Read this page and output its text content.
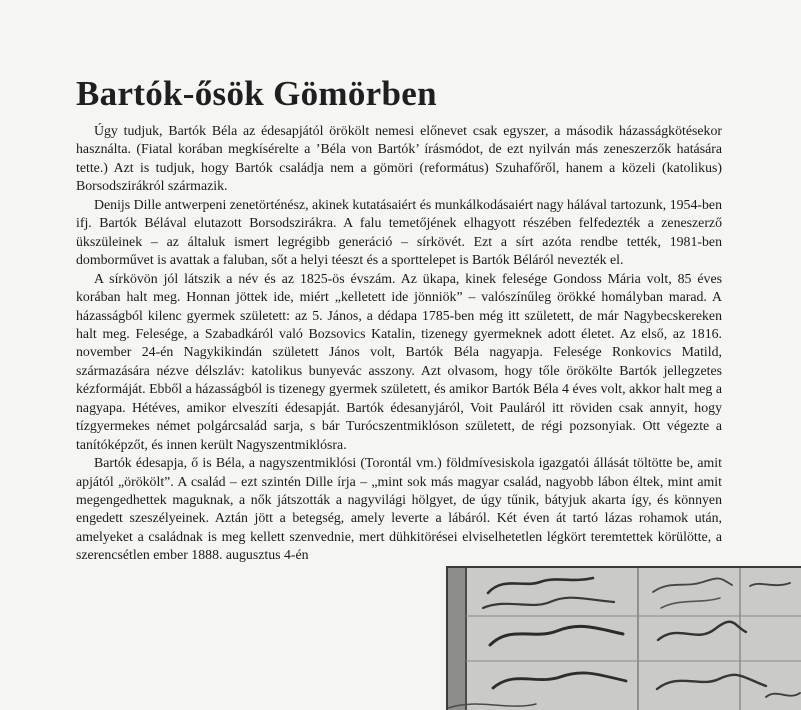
Bartók-ősök Gömörben

Úgy tudjuk, Bartók Béla az édesapjától örökölt nemesi előnevet csak egyszer, a második házasságkötésekor használta. (Fiatal korában megkísérelte a ’Béla von Bartók’ írásmódot, de ezt nyilván más zeneszerzők hatására tette.) Azt is tudjuk, hogy Bartók családja nem a gömöri (református) Szuhafőről, hanem a közeli (katolikus) Borsodszirákról származik.

Denijs Dille antwerpeni zenetörténész, akinek kutatásaiért és munkálkodásaiért nagy hálával tartozunk, 1954-ben ifj. Bartók Bélával elutazott Borsodszirákra. A falu temetőjének elhagyott részében felfedezték a zeneszerző ükszüleinek – az általuk ismert legrégibb generáció – sírkövét. Ezt a sírt azóta rendbe tették, 1981-ben domborművet is avattak a faluban, sőt a helyi téeszt és a sporttelepet is Bartók Béláról nevezték el.

A sírkövön jól látszik a név és az 1825-ös évszám. Az ükapa, kinek felesége Gondoss Mária volt, 85 éves korában halt meg. Honnan jöttek ide, miért „kelletett ide jönniök” – valószínűleg örökké homályban marad. A házasságból kilenc gyermek született: az 5. János, a dédapa 1785-ben még itt született, de már Nagybecskereken halt meg. Felesége, a Szabadkáról való Bozsovics Katalin, tizenegy gyermeknek adott életet. Az első, az 1816. november 24-én Nagykikindán született János volt, Bartók Béla nagyapja. Felesége Ronkovics Matild, származására nézve délszláv: katolikus bunyevác asszony. Azt olvasom, hogy tőle örökölte Bartók jellegzetes kézformáját. Ebből a házasságból is tizenegy gyermek született, és amikor Bartók Béla 4 éves volt, akkor halt meg a nagyapa. Hétéves, amikor elveszíti édesapját. Bartók édesanyjáról, Voit Pauláról itt röviden csak annyit, hogy tízgyermekes német polgárcsalád sarja, s bár Turócszentmiklóson született, de régi pozsonyiak. Ott végezte a tanítóképzőt, és innen került Nagyszentmiklósra.

Bartók édesapja, ő is Béla, a nagyszentmiklósi (Torontál vm.) földmívesiskola igazgatói állását töltötte be, amit apjától „örökölt”. A család – ezt szintén Dille írja – „mint sok más magyar család, nagyobb lábon éltek, mint amit megengedhettek maguknak, a nők játszották a nagyvilági hölgyet, de úgy tűnik, bátyjuk akarta így, és könnyen engedett szeszélyeinek. Aztán jött a betegség, amely leverte a lábáról. Két éven át tartó lázas rohamok után, amelyeket a családnak is meg kellett szenvednie, mert dühkitörései elviselhetetlen légkört teremtettek körülötte, a szerencsétlen ember 1888. augusztus 4-én
